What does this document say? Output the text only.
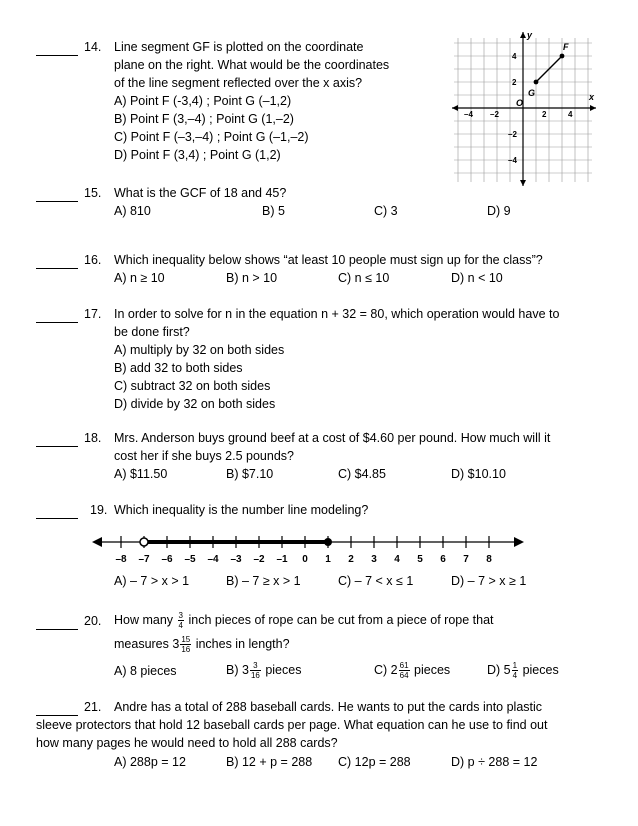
14. Line segment GF is plotted on the coordinate
plane on the right. What would be the coordinates
of the line segment reflected over the x axis?
A) Point F (-3,4) ; Point G (–1,2)
B) Point F (3,–4) ; Point G (1,–2)
C) Point F (–3,–4) ; Point G (–1,–2)
D) Point F (3,4) ; Point G (1,2)
y
x
O
–4 –2	2	4
4
2
–2
–4
G
F
15. What is the GCF of 18 and 45?
A) 810	B) 5	C) 3	D) 9
16. Which inequality below shows “at least 10 people must sign up for the class”?
A) n ≥ 10	B) n > 10	C) n ≤ 10	D) n < 10
17. In order to solve for n in the equation n + 32 = 80, which operation would have to
be done first?
A) multiply by 32 on both sides
B) add 32 to both sides
C) subtract 32 on both sides
D) divide by 32 on both sides
18. Mrs. Anderson buys ground beef at a cost of $4.60 per pound. How much will it
cost her if she buys 2.5 pounds?
A) $11.50	B) $7.10	C) $4.85	D) $10.10
19. Which inequality is the number line modeling?
–8 –7 –6 –5 –4 –3 –2 –1 0 1 2 3 4 5 6 7 8
A) – 7 > x > 1	B) – 7 ≥ x > 1	C) – 7 < x ≤ 1	D) – 7 > x ≥ 1
20. How many $\frac{3}{4}$ inch pieces of rope can be cut from a piece of rope that
measures $3 \frac{15}{16}$ inches in length?
A) 8 pieces	B) $3 \frac{3}{16}$ pieces	C) $2 \frac{61}{64}$ pieces	D) $5 \frac{1}{4}$ pieces
21. Andre has a total of 288 baseball cards. He wants to put the cards into plastic
sleeve protectors that hold 12 baseball cards per page. What equation can he use to find out
how many pages he would need to hold all 288 cards?
A) 288p = 12	B) 12 + p = 288 C) 12p = 288	D) p ÷ 288 = 12
